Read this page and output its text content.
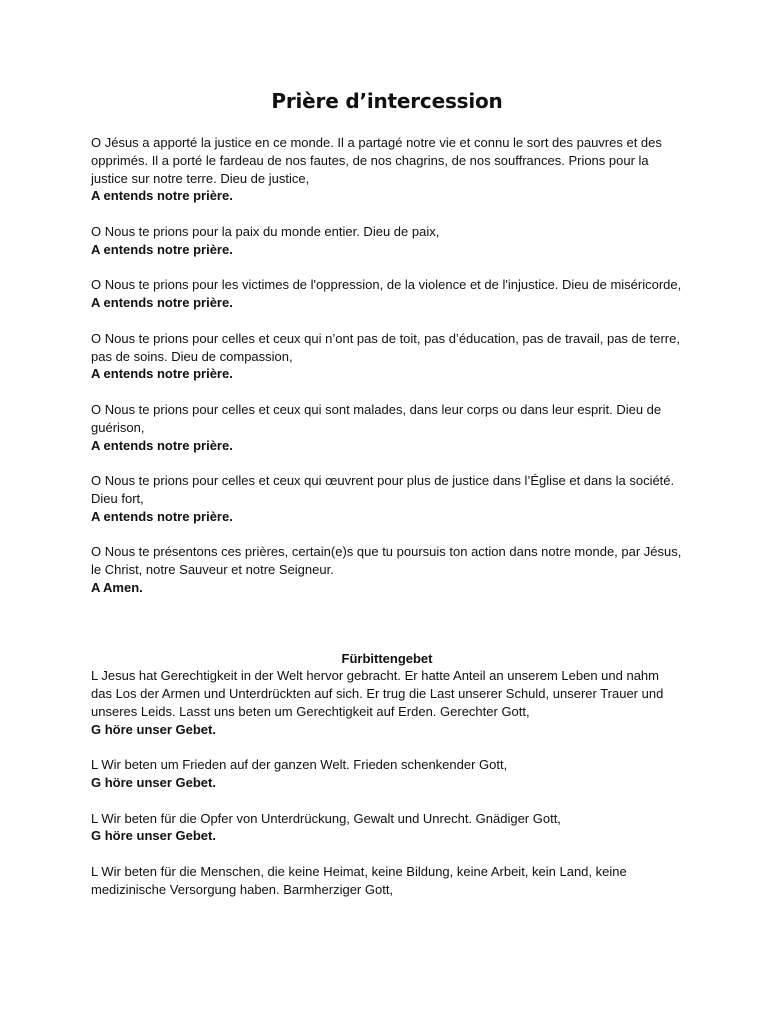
Prière d’intercession
O Jésus a apporté la justice en ce monde. Il a partagé notre vie et connu le sort des pauvres et des opprimés. Il a porté le fardeau de nos fautes, de nos chagrins, de nos souffrances. Prions pour la justice sur notre terre. Dieu de justice,
A entends notre prière.
O Nous te prions pour la paix du monde entier. Dieu de paix,
A entends notre prière.
O Nous te prions pour les victimes de l'oppression, de la violence et de l'injustice. Dieu de miséricorde,
A entends notre prière.
O Nous te prions pour celles et ceux qui n’ont pas de toit, pas d’éducation, pas de travail, pas de terre, pas de soins. Dieu de compassion,
A entends notre prière.
O Nous te prions pour celles et ceux qui sont malades, dans leur corps ou dans leur esprit. Dieu de guérison,
A entends notre prière.
O Nous te prions pour celles et ceux qui œuvrent pour plus de justice dans l’Église et dans la société. Dieu fort,
A entends notre prière.
O Nous te présentons ces prières, certain(e)s que tu poursuis ton action dans notre monde, par Jésus, le Christ, notre Sauveur et notre Seigneur.
A Amen.
Fürbittengebet
L Jesus hat Gerechtigkeit in der Welt hervor gebracht. Er hatte Anteil an unserem Leben und nahm das Los der Armen und Unterdrückten auf sich. Er trug die Last unserer Schuld, unserer Trauer und unseres Leids. Lasst uns beten um Gerechtigkeit auf Erden. Gerechter Gott,
G höre unser Gebet.
L Wir beten um Frieden auf der ganzen Welt. Frieden schenkender Gott,
G höre unser Gebet.
L Wir beten für die Opfer von Unterdrückung, Gewalt und Unrecht. Gnädiger Gott,
G höre unser Gebet.
L Wir beten für die Menschen, die keine Heimat, keine Bildung, keine Arbeit, kein Land, keine medizinische Versorgung haben. Barmherziger Gott,
